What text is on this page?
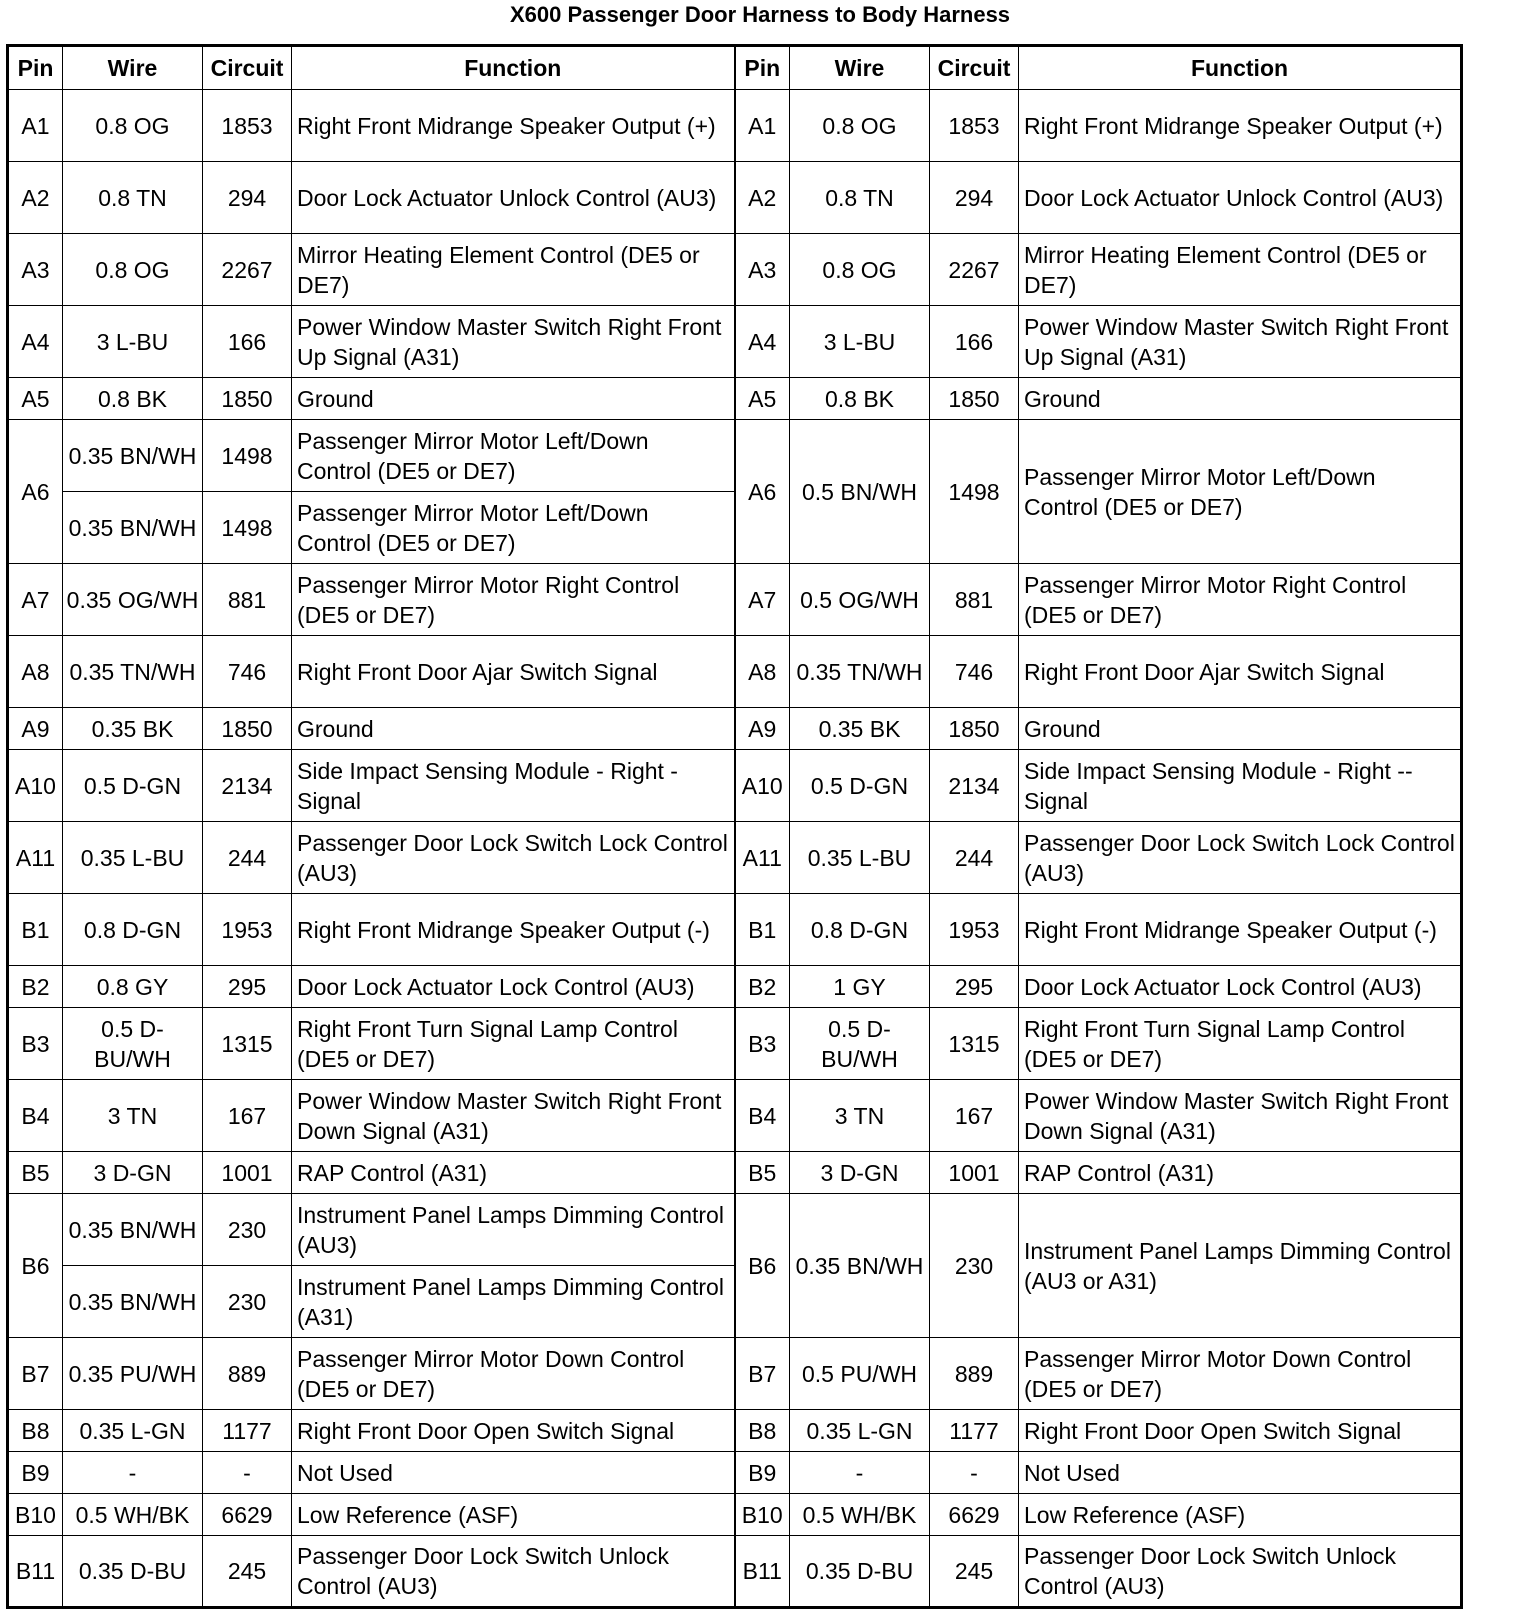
X600 Passenger Door Harness to Body Harness
Pin	Wire	Circuit	Function	Pin	Wire	Circuit	Function
A1	0.8 OG	1853	Right Front Midrange Speaker Output (+)	A1	0.8 OG	1853	Right Front Midrange Speaker Output (+)
A2	0.8 TN	294	Door Lock Actuator Unlock Control (AU3)	A2	0.8 TN	294	Door Lock Actuator Unlock Control (AU3)
A3	0.8 OG	2267	Mirror Heating Element Control (DE5 or DE7)	A3	0.8 OG	2267	Mirror Heating Element Control (DE5 or DE7)
A4	3 L-BU	166	Power Window Master Switch Right Front Up Signal (A31)	A4	3 L-BU	166	Power Window Master Switch Right Front Up Signal (A31)
A5	0.8 BK	1850	Ground	A5	0.8 BK	1850	Ground
A6	0.35 BN/WH	1498	Passenger Mirror Motor Left/Down Control (DE5 or DE7)	A6	0.5 BN/WH	1498	Passenger Mirror Motor Left/Down Control (DE5 or DE7)
	0.35 BN/WH	1498	Passenger Mirror Motor Left/Down Control (DE5 or DE7)				
A7	0.35 OG/WH	881	Passenger Mirror Motor Right Control (DE5 or DE7)	A7	0.5 OG/WH	881	Passenger Mirror Motor Right Control (DE5 or DE7)
A8	0.35 TN/WH	746	Right Front Door Ajar Switch Signal	A8	0.35 TN/WH	746	Right Front Door Ajar Switch Signal
A9	0.35 BK	1850	Ground	A9	0.35 BK	1850	Ground
A10	0.5 D-GN	2134	Side Impact Sensing Module - Right - Signal	A10	0.5 D-GN	2134	Side Impact Sensing Module - Right -- Signal
A11	0.35 L-BU	244	Passenger Door Lock Switch Lock Control (AU3)	A11	0.35 L-BU	244	Passenger Door Lock Switch Lock Control (AU3)
B1	0.8 D-GN	1953	Right Front Midrange Speaker Output (-)	B1	0.8 D-GN	1953	Right Front Midrange Speaker Output (-)
B2	0.8 GY	295	Door Lock Actuator Lock Control (AU3)	B2	1 GY	295	Door Lock Actuator Lock Control (AU3)
B3	0.5 D-BU/WH	1315	Right Front Turn Signal Lamp Control (DE5 or DE7)	B3	0.5 D-BU/WH	1315	Right Front Turn Signal Lamp Control (DE5 or DE7)
B4	3 TN	167	Power Window Master Switch Right Front Down Signal (A31)	B4	3 TN	167	Power Window Master Switch Right Front Down Signal (A31)
B5	3 D-GN	1001	RAP Control (A31)	B5	3 D-GN	1001	RAP Control (A31)
B6	0.35 BN/WH	230	Instrument Panel Lamps Dimming Control (AU3)	B6	0.35 BN/WH	230	Instrument Panel Lamps Dimming Control (AU3 or A31)
	0.35 BN/WH	230	Instrument Panel Lamps Dimming Control (A31)				
B7	0.35 PU/WH	889	Passenger Mirror Motor Down Control (DE5 or DE7)	B7	0.5 PU/WH	889	Passenger Mirror Motor Down Control (DE5 or DE7)
B8	0.35 L-GN	1177	Right Front Door Open Switch Signal	B8	0.35 L-GN	1177	Right Front Door Open Switch Signal
B9	-	-	Not Used	B9	-	-	Not Used
B10	0.5 WH/BK	6629	Low Reference (ASF)	B10	0.5 WH/BK	6629	Low Reference (ASF)
B11	0.35 D-BU	245	Passenger Door Lock Switch Unlock Control (AU3)	B11	0.35 D-BU	245	Passenger Door Lock Switch Unlock Control (AU3)
